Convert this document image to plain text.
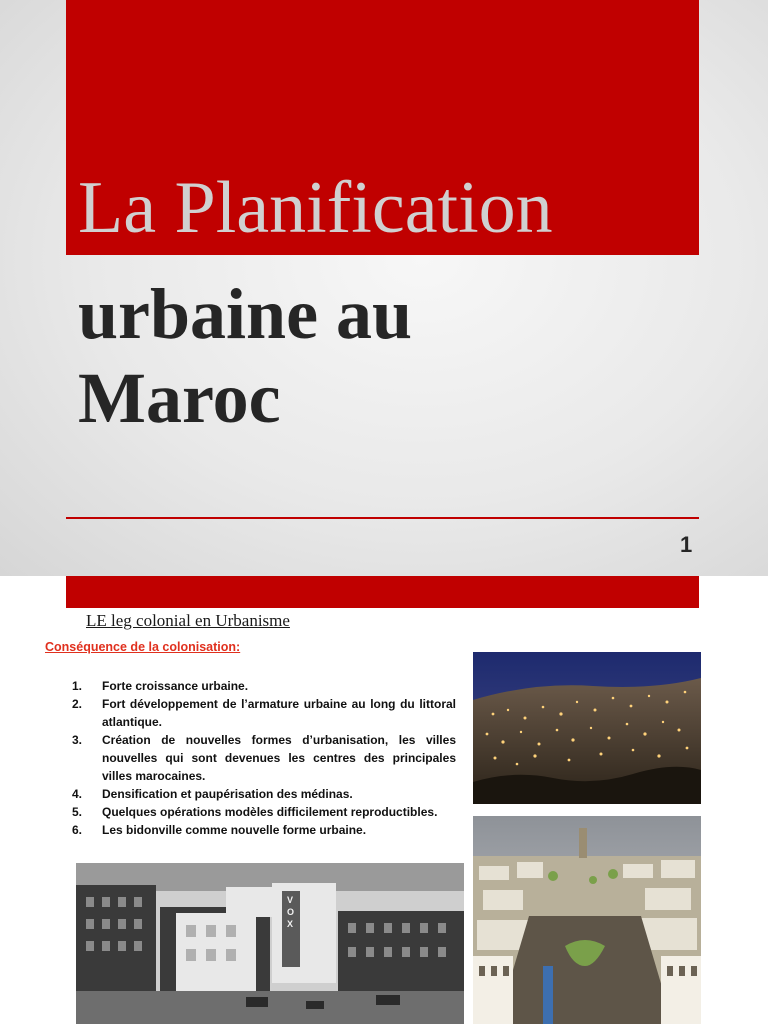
La Planification
urbaine au
Maroc
1
LE leg colonial en Urbanisme
Conséquence de la colonisation:
1. Forte croissance urbaine.
2. Fort développement de l’armature urbaine au long du littoral atlantique.
3. Création de nouvelles formes d’urbanisation, les villes nouvelles qui sont devenues les centres des principales villes marocaines.
4. Densification et paupérisation des médinas.
5. Quelques opérations modèles difficilement reproductibles.
6. Les bidonville comme nouvelle forme urbaine.
V
O
X
